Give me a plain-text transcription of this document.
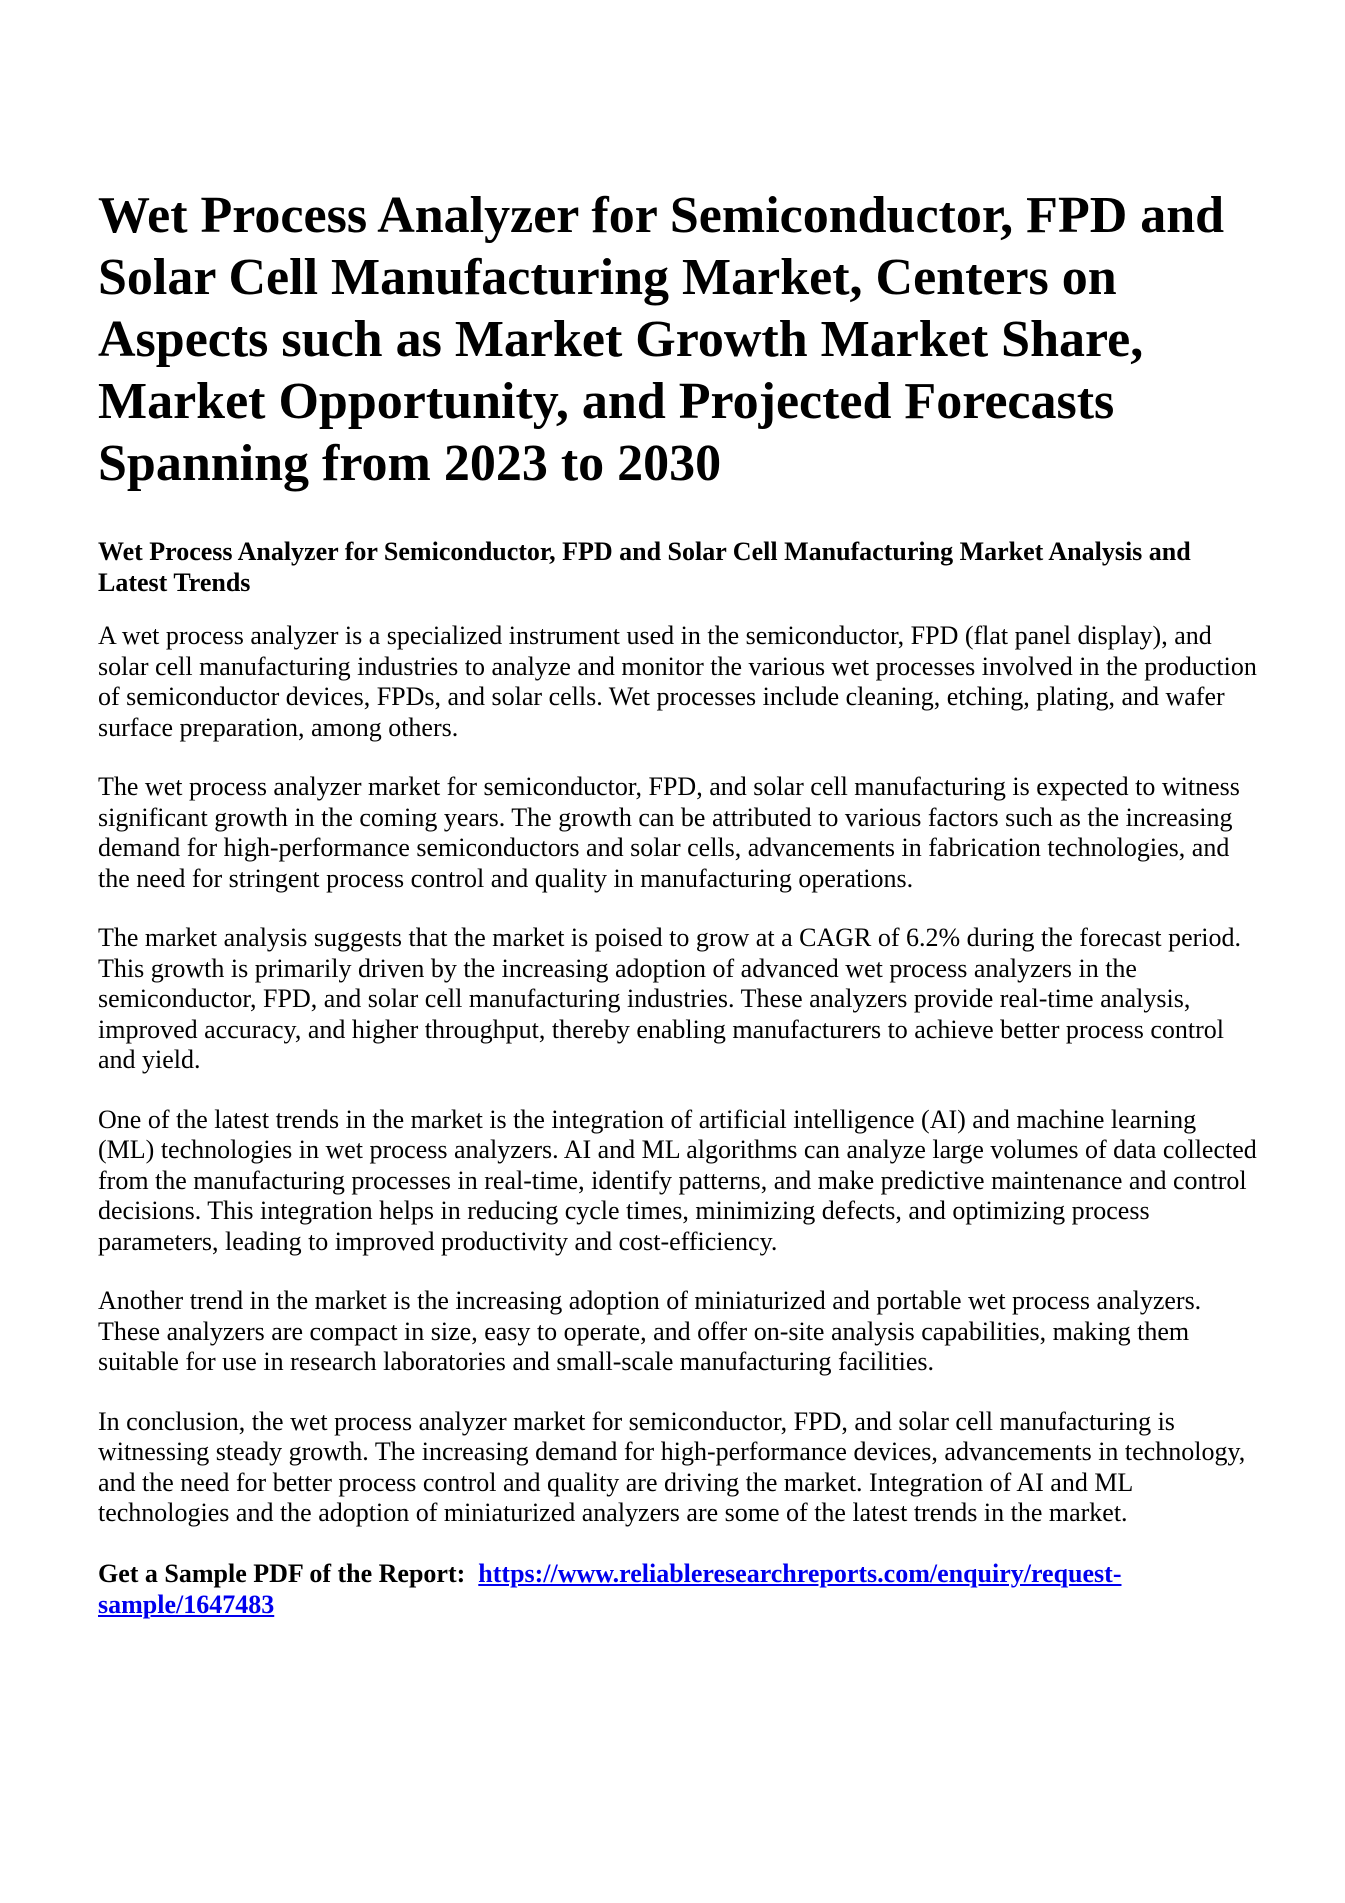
Wet Process Analyzer for Semiconductor, FPD and Solar Cell Manufacturing Market, Centers on Aspects such as Market Growth Market Share, Market Opportunity, and Projected Forecasts Spanning from 2023 to 2030
Wet Process Analyzer for Semiconductor, FPD and Solar Cell Manufacturing Market Analysis and Latest Trends

A wet process analyzer is a specialized instrument used in the semiconductor, FPD (flat panel display), and solar cell manufacturing industries to analyze and monitor the various wet processes involved in the production of semiconductor devices, FPDs, and solar cells. Wet processes include cleaning, etching, plating, and wafer surface preparation, among others.

The wet process analyzer market for semiconductor, FPD, and solar cell manufacturing is expected to witness significant growth in the coming years. The growth can be attributed to various factors such as the increasing demand for high-performance semiconductors and solar cells, advancements in fabrication technologies, and the need for stringent process control and quality in manufacturing operations.

The market analysis suggests that the market is poised to grow at a CAGR of 6.2% during the forecast period. This growth is primarily driven by the increasing adoption of advanced wet process analyzers in the semiconductor, FPD, and solar cell manufacturing industries. These analyzers provide real-time analysis, improved accuracy, and higher throughput, thereby enabling manufacturers to achieve better process control and yield.

One of the latest trends in the market is the integration of artificial intelligence (AI) and machine learning (ML) technologies in wet process analyzers. AI and ML algorithms can analyze large volumes of data collected from the manufacturing processes in real-time, identify patterns, and make predictive maintenance and control decisions. This integration helps in reducing cycle times, minimizing defects, and optimizing process parameters, leading to improved productivity and cost-efficiency.

Another trend in the market is the increasing adoption of miniaturized and portable wet process analyzers. These analyzers are compact in size, easy to operate, and offer on-site analysis capabilities, making them suitable for use in research laboratories and small-scale manufacturing facilities.

In conclusion, the wet process analyzer market for semiconductor, FPD, and solar cell manufacturing is witnessing steady growth. The increasing demand for high-performance devices, advancements in technology, and the need for better process control and quality are driving the market. Integration of AI and ML technologies and the adoption of miniaturized analyzers are some of the latest trends in the market.

Get a Sample PDF of the Report: https://www.reliableresearchreports.com/enquiry/request-sample/1647483
